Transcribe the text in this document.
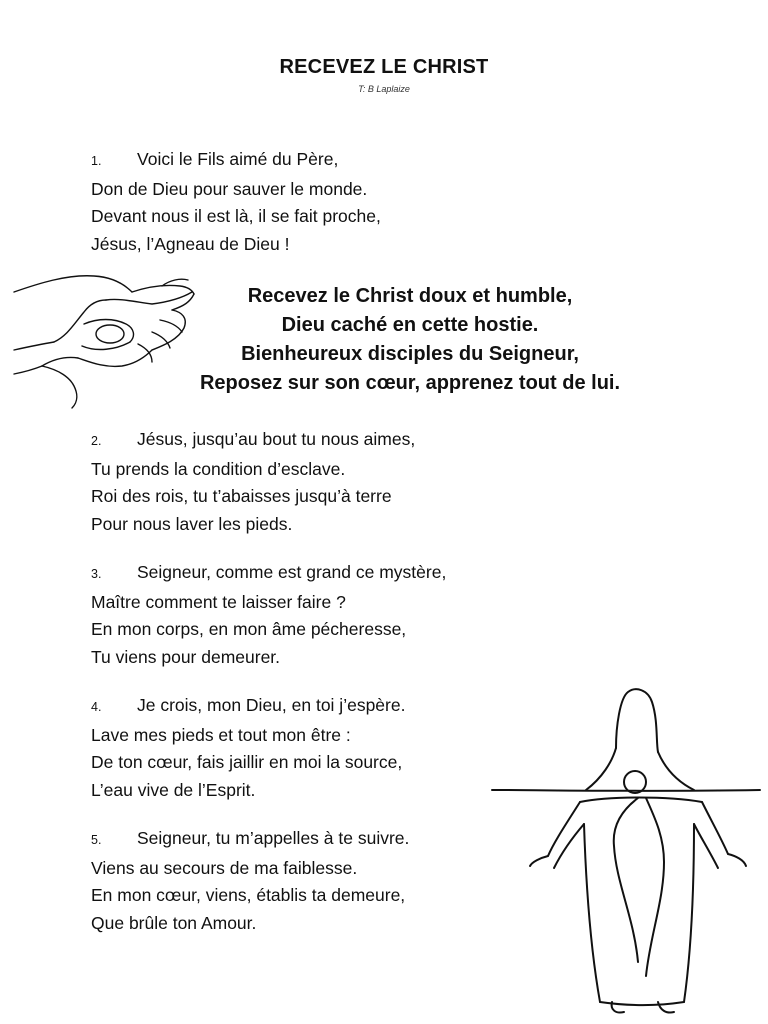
RECEVEZ LE CHRIST
T: B Laplaize
1. Voici le Fils aimé du Père,
Don de Dieu pour sauver le monde.
Devant nous il est là, il se fait proche,
Jésus, l’Agneau de Dieu !
Recevez le Christ doux et humble,
Dieu caché en cette hostie.
Bienheureux disciples du Seigneur,
Reposez sur son cœur, apprenez tout de lui.
2. Jésus, jusqu’au bout tu nous aimes,
Tu prends la condition d’esclave.
Roi des rois, tu t’abaisses jusqu’à terre
Pour nous laver les pieds.
3. Seigneur, comme est grand ce mystère,
Maître comment te laisser faire ?
En mon corps, en mon âme pécheresse,
Tu viens pour demeurer.
4. Je crois, mon Dieu, en toi j’espère.
Lave mes pieds et tout mon être :
De ton cœur, fais jaillir en moi la source,
L’eau vive de l’Esprit.
5. Seigneur, tu m’appelles à te suivre.
Viens au secours de ma faiblesse.
En mon cœur, viens, établis ta demeure,
Que brûle ton Amour.
